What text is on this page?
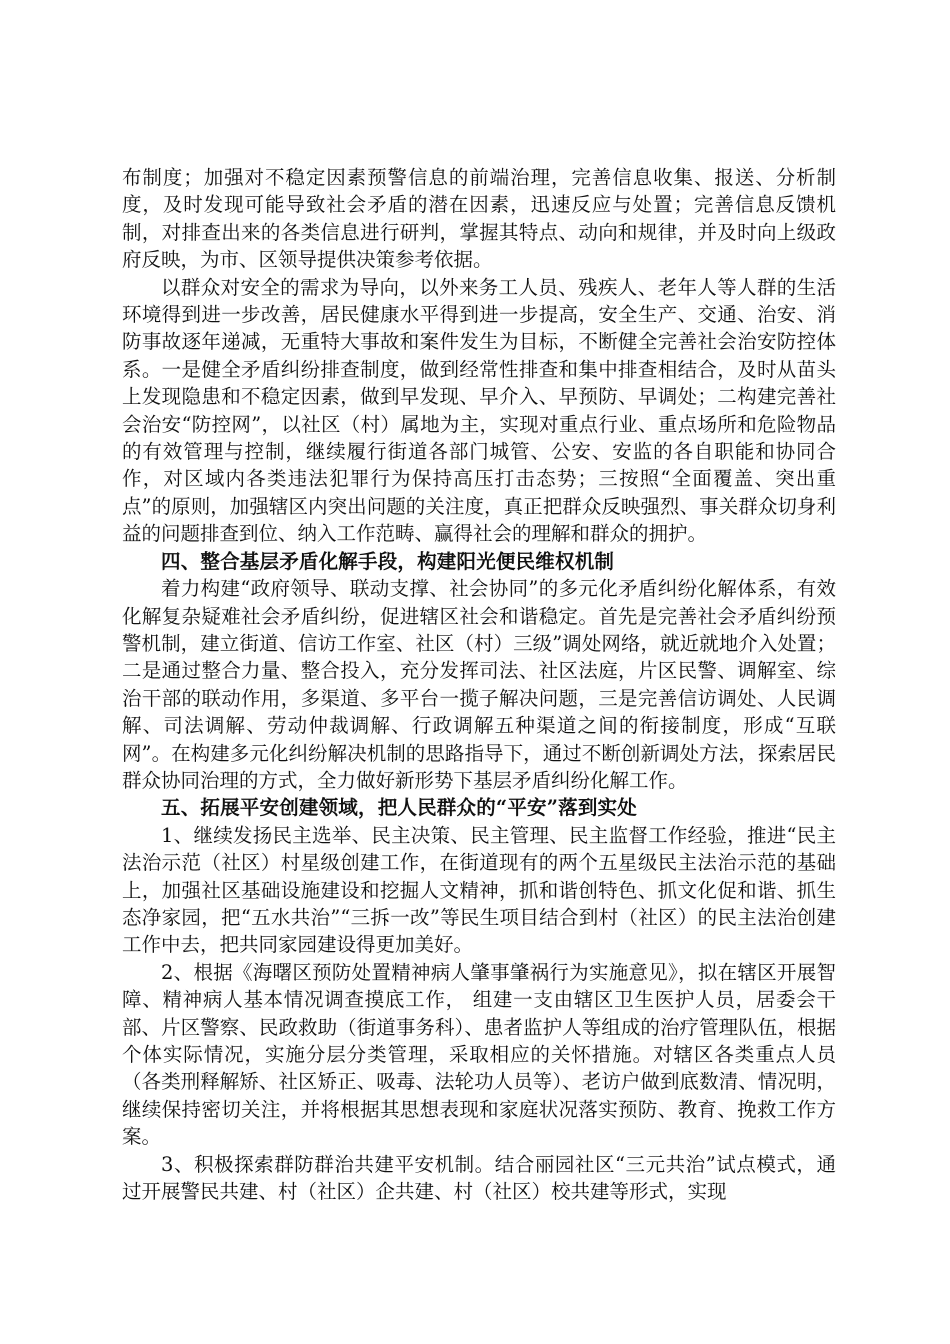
布制度；加强对不稳定因素预警信息的前端治理，完善信息收集、报送、分析制度，及时发现可能导致社会矛盾的潜在因素，迅速反应与处置；完善信息反馈机制，对排查出来的各类信息进行研判，掌握其特点、动向和规律，并及时向上级政府反映，为市、区领导提供决策参考依据。

以群众对安全的需求为导向，以外来务工人员、残疾人、老年人等人群的生活环境得到进一步改善，居民健康水平得到进一步提高，安全生产、交通、治安、消防事故逐年递减，无重特大事故和案件发生为目标，不断健全完善社会治安防控体系。一是健全矛盾纠纷排查制度，做到经常性排查和集中排查相结合，及时从苗头上发现隐患和不稳定因素，做到早发现、早介入、早预防、早调处；二构建完善社会治安“防控网”，以社区（村）属地为主，实现对重点行业、重点场所和危险物品的有效管理与控制，继续履行街道各部门城管、公安、安监的各自职能和协同合作，对区域内各类违法犯罪行为保持高压打击态势；三按照“全面覆盖、突出重点”的原则，加强辖区内突出问题的关注度，真正把群众反映强烈、事关群众切身利益的问题排查到位、纳入工作范畴、赢得社会的理解和群众的拥护。

四、整合基层矛盾化解手段，构建阳光便民维权机制

着力构建“政府领导、联动支撑、社会协同”的多元化矛盾纠纷化解体系，有效化解复杂疑难社会矛盾纠纷，促进辖区社会和谐稳定。首先是完善社会矛盾纠纷预警机制，建立街道、信访工作室、社区（村）三级”调处网络，就近就地介入处置；二是通过整合力量、整合投入，充分发挥司法、社区法庭，片区民警、调解室、综治干部的联动作用，多渠道、多平台一揽子解决问题，三是完善信访调处、人民调解、司法调解、劳动仲裁调解、行政调解五种渠道之间的衔接制度，形成“互联网”。在构建多元化纠纷解决机制的思路指导下，通过不断创新调处方法，探索居民群众协同治理的方式，全力做好新形势下基层矛盾纠纷化解工作。

五、拓展平安创建领域，把人民群众的“平安”落到实处

1、继续发扬民主选举、民主决策、民主管理、民主监督工作经验，推进“民主法治示范（社区）村星级创建工作，在街道现有的两个五星级民主法治示范的基础上，加强社区基础设施建设和挖掘人文精神，抓和谐创特色、抓文化促和谐、抓生态净家园，把“五水共治”“三拆一改”等民生项目结合到村（社区）的民主法治创建工作中去，把共同家园建设得更加美好。

2、根据《海曙区预防处置精神病人肇事肇祸行为实施意见》，拟在辖区开展智障、精神病人基本情况调查摸底工作， 组建一支由辖区卫生医护人员，居委会干部、片区警察、民政救助（街道事务科）、患者监护人等组成的治疗管理队伍，根据个体实际情况，实施分层分类管理，采取相应的关怀措施。对辖区各类重点人员（各类刑释解矫、社区矫正、吸毒、法轮功人员等）、老访户做到底数清、情况明，继续保持密切关注，并将根据其思想表现和家庭状况落实预防、教育、挽救工作方案。

3、积极探索群防群治共建平安机制。结合丽园社区“三元共治”试点模式，通过开展警民共建、村（社区）企共建、村（社区）校共建等形式，实现
